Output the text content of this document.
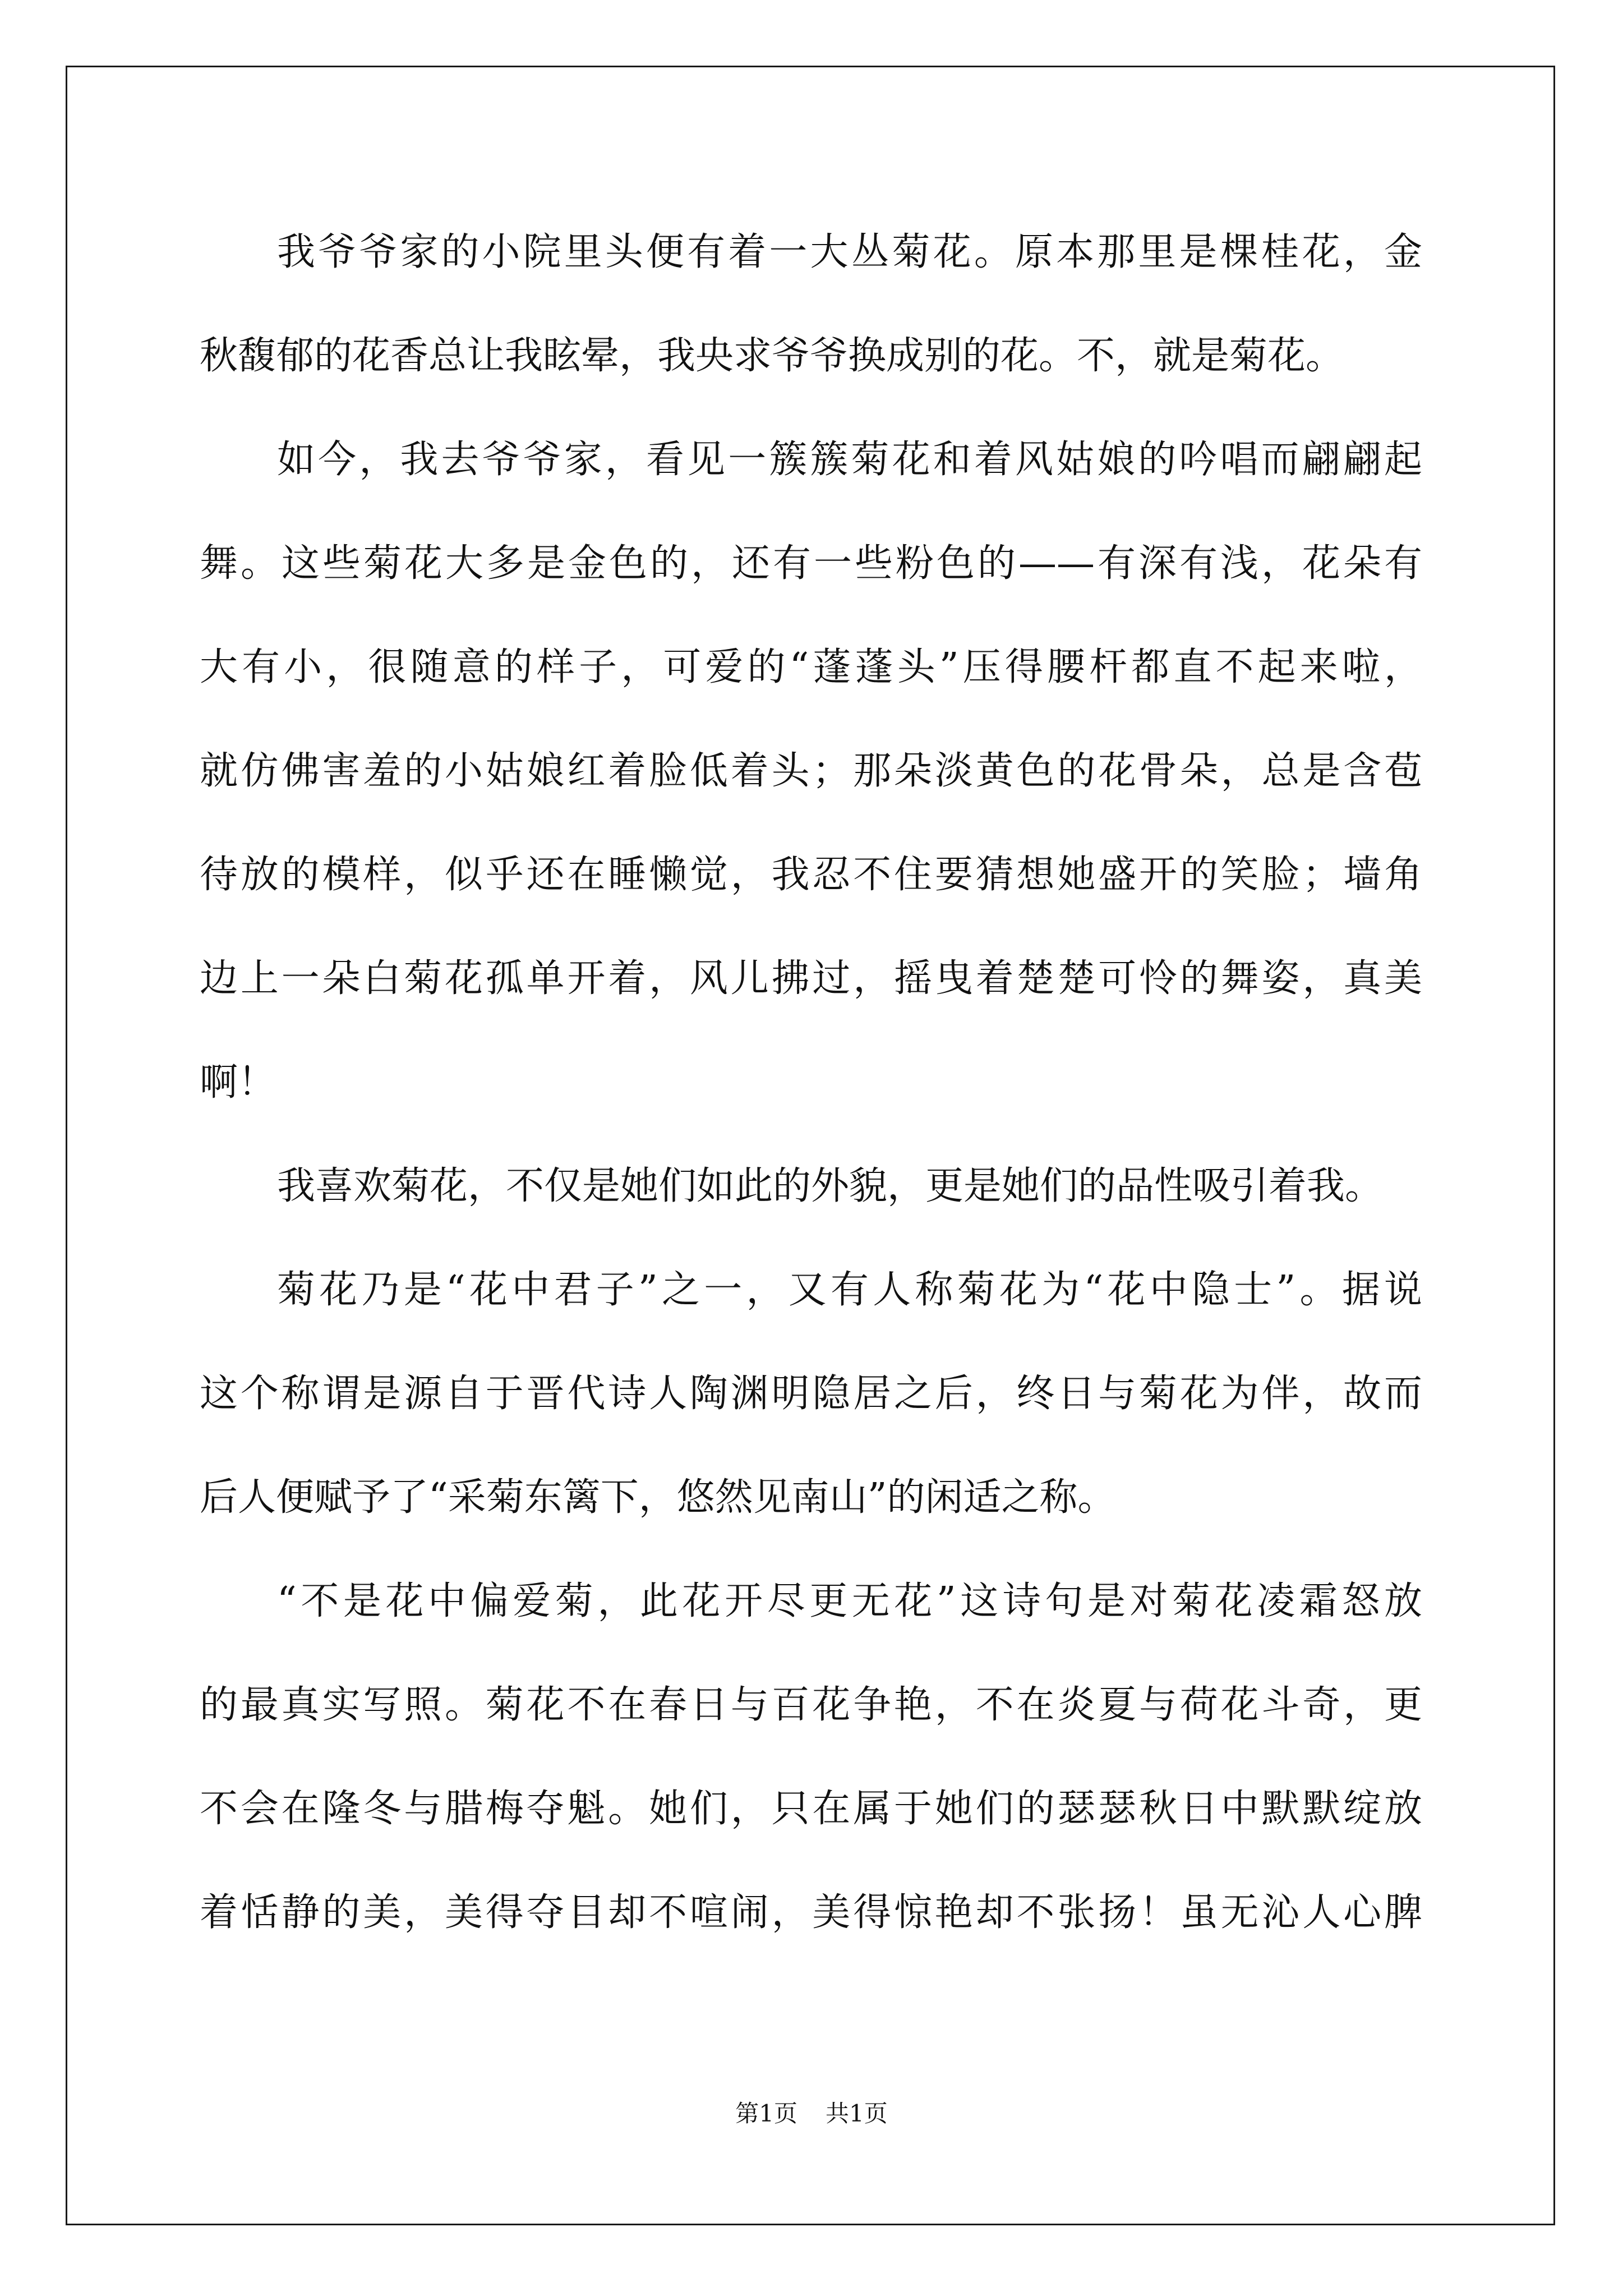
我爷爷家的小院里头便有着一大丛菊花。原本那里是棵桂花，金
秋馥郁的花香总让我眩晕，我央求爷爷换成别的花。不，就是菊花。
如今，我去爷爷家，看见一簇簇菊花和着风姑娘的吟唱而翩翩起
舞。这些菊花大多是金色的，还有一些粉色的——有深有浅，花朵有
大有小，很随意的样子，可爱的“蓬蓬头”压得腰杆都直不起来啦，
就仿佛害羞的小姑娘红着脸低着头；那朵淡黄色的花骨朵，总是含苞
待放的模样，似乎还在睡懒觉，我忍不住要猜想她盛开的笑脸；墙角
边上一朵白菊花孤单开着，风儿拂过，摇曳着楚楚可怜的舞姿，真美
啊！
我喜欢菊花，不仅是她们如此的外貌，更是她们的品性吸引着我。
菊花乃是“花中君子”之一，又有人称菊花为“花中隐士”。据说
这个称谓是源自于晋代诗人陶渊明隐居之后，终日与菊花为伴，故而
后人便赋予了“采菊东篱下，悠然见南山”的闲适之称。
“不是花中偏爱菊，此花开尽更无花”这诗句是对菊花凌霜怒放
的最真实写照。菊花不在春日与百花争艳，不在炎夏与荷花斗奇，更
不会在隆冬与腊梅夺魁。她们，只在属于她们的瑟瑟秋日中默默绽放
着恬静的美，美得夺目却不喧闹，美得惊艳却不张扬！虽无沁人心脾
第1页 共1页
